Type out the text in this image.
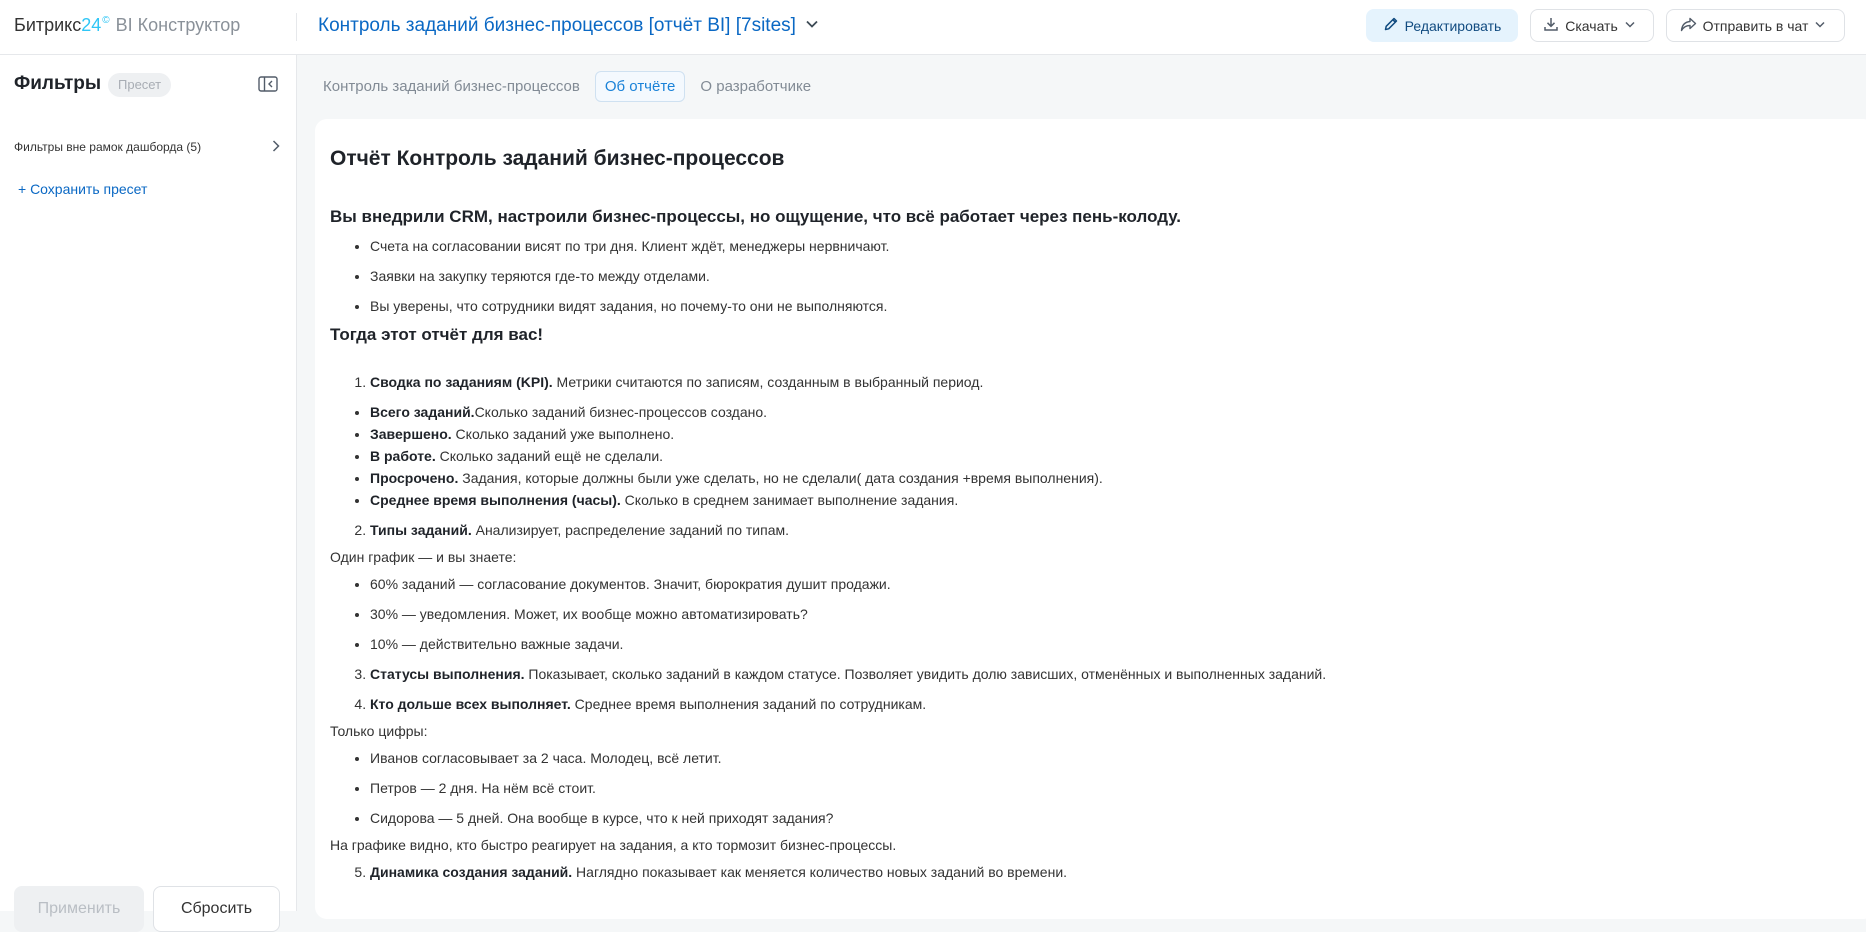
Битрикс24© BI Конструктор	Контроль заданий бизнес-процессов [отчёт BI] [7sites]	Редактировать	Скачать	Отправить в чат
Фильтры	Пресет
Фильтры вне рамок дашборда (5)
+ Сохранить пресет
Применить	Сбросить
Контроль заданий бизнес-процессов	Об отчёте	О разработчике
Отчёт Контроль заданий бизнес-процессов
Вы внедрили CRM, настроили бизнес-процессы, но ощущение, что всё работает через пень-колоду.
• Счета на согласовании висят по три дня. Клиент ждёт, менеджеры нервничают.
• Заявки на закупку теряются где-то между отделами.
• Вы уверены, что сотрудники видят задания, но почему-то они не выполняются.
Тогда этот отчёт для вас!
1. Сводка по заданиям (KPI). Метрики считаются по записям, созданным в выбранный период.
• Всего заданий.Сколько заданий бизнес-процессов создано.
• Завершено. Сколько заданий уже выполнено.
• В работе. Сколько заданий ещё не сделали.
• Просрочено. Задания, которые должны были уже сделать, но не сделали( дата создания +время выполнения).
• Среднее время выполнения (часы). Сколько в среднем занимает выполнение задания.
2. Типы заданий. Анализирует, распределение заданий по типам.

Один график — и вы знаете:

• 60% заданий — согласование документов. Значит, бюрократия душит продажи.
• 30% — уведомления. Может, их вообще можно автоматизировать?
• 10% — действительно важные задачи.
3. Статусы выполнения. Показывает, сколько заданий в каждом статусе. Позволяет увидить долю зависших, отменённых и выполненных заданий.
4. Кто дольше всех выполняет. Среднее время выполнения заданий по сотрудникам.

Только цифры:

• Иванов согласовывает за 2 часа. Молодец, всё летит.
• Петров — 2 дня. На нём всё стоит.
• Сидорова — 5 дней. Она вообще в курсе, что к ней приходят задания?

На графике видно, кто быстро реагирует на задания, а кто тормозит бизнес-процессы.

5. Динамика создания заданий. Наглядно показывает как меняется количество новых заданий во времени.
